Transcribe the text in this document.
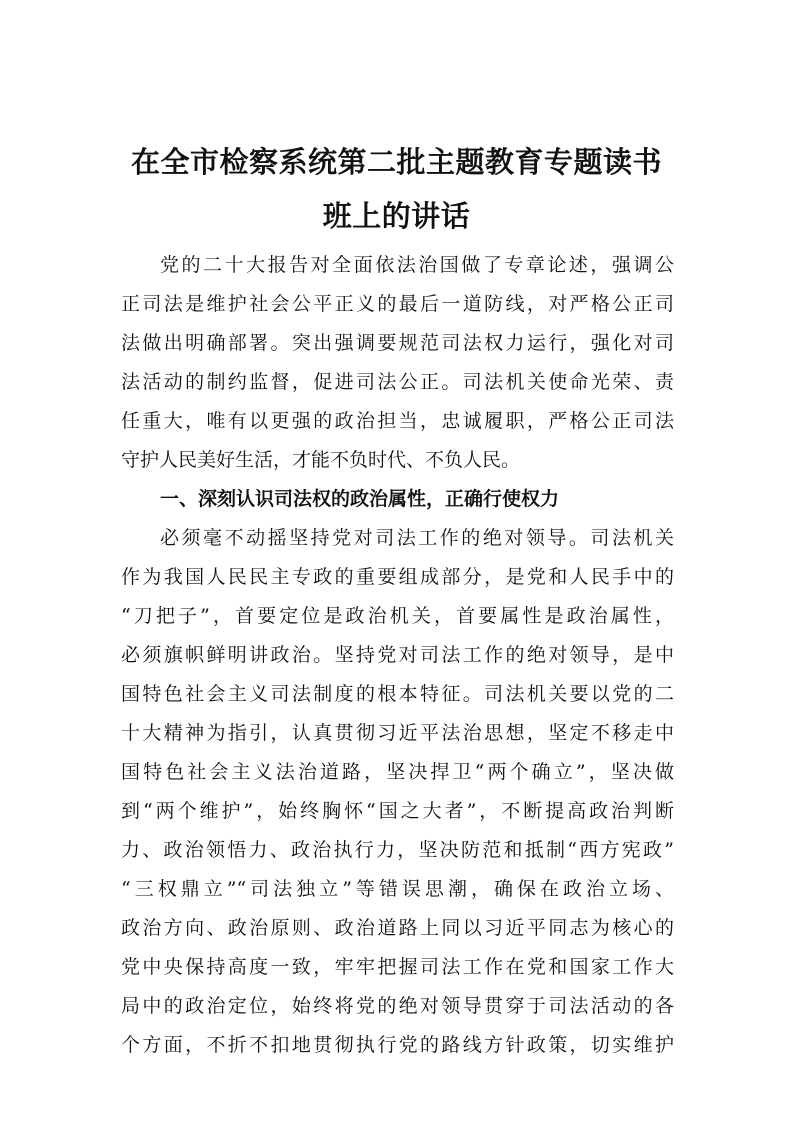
在全市检察系统第二批主题教育专题读书
班上的讲话
党的二十大报告对全面依法治国做了专章论述，强调公
正司法是维护社会公平正义的最后一道防线，对严格公正司
法做出明确部署。突出强调要规范司法权力运行，强化对司
法活动的制约监督，促进司法公正。司法机关使命光荣、责
任重大，唯有以更强的政治担当，忠诚履职，严格公正司法
守护人民美好生活，才能不负时代、不负人民。
一、深刻认识司法权的政治属性，正确行使权力
必须毫不动摇坚持党对司法工作的绝对领导。司法机关
作为我国人民民主专政的重要组成部分，是党和人民手中的
“刀把子”，首要定位是政治机关，首要属性是政治属性，
必须旗帜鲜明讲政治。坚持党对司法工作的绝对领导，是中
国特色社会主义司法制度的根本特征。司法机关要以党的二
十大精神为指引，认真贯彻习近平法治思想，坚定不移走中
国特色社会主义法治道路，坚决捍卫“两个确立”，坚决做
到“两个维护”，始终胸怀“国之大者”，不断提高政治判断
力、政治领悟力、政治执行力，坚决防范和抵制“西方宪政”
“三权鼎立”“司法独立”等错误思潮，确保在政治立场、
政治方向、政治原则、政治道路上同以习近平同志为核心的
党中央保持高度一致，牢牢把握司法工作在党和国家工作大
局中的政治定位，始终将党的绝对领导贯穿于司法活动的各
个方面，不折不扣地贯彻执行党的路线方针政策，切实维护
